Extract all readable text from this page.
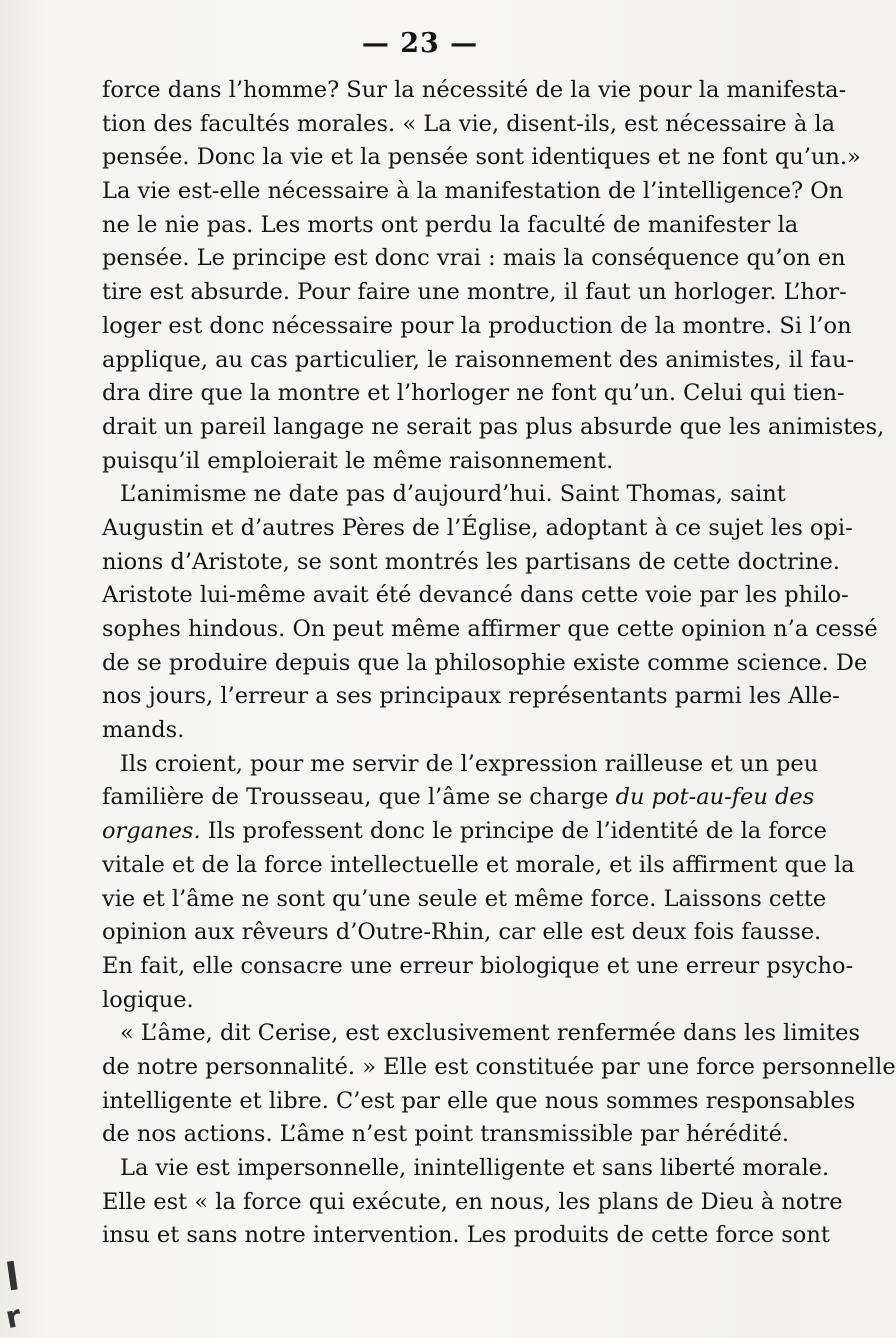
— 23 —
force dans l’homme? Sur la nécessité de la vie pour la manifesta-
tion des facultés morales. « La vie, disent-ils, est nécessaire à la
pensée. Donc la vie et la pensée sont identiques et ne font qu’un.»
La vie est-elle nécessaire à la manifestation de l’intelligence? On
ne le nie pas. Les morts ont perdu la faculté de manifester la
pensée. Le principe est donc vrai : mais la conséquence qu’on en
tire est absurde. Pour faire une montre, il faut un horloger. L’hor-
loger est donc nécessaire pour la production de la montre. Si l’on
applique, au cas particulier, le raisonnement des animistes, il fau-
dra dire que la montre et l’horloger ne font qu’un. Celui qui tien-
drait un pareil langage ne serait pas plus absurde que les animistes,
puisqu’il emploierait le même raisonnement.
L’animisme ne date pas d’aujourd’hui. Saint Thomas, saint
Augustin et d’autres Pères de l’Église, adoptant à ce sujet les opi-
nions d’Aristote, se sont montrés les partisans de cette doctrine.
Aristote lui-même avait été devancé dans cette voie par les philo-
sophes hindous. On peut même affirmer que cette opinion n’a cessé
de se produire depuis que la philosophie existe comme science. De
nos jours, l’erreur a ses principaux représentants parmi les Alle-
mands.
Ils croient, pour me servir de l’expression railleuse et un peu
familière de Trousseau, que l’âme se charge du pot-au-feu des
organes. Ils professent donc le principe de l’identité de la force
vitale et de la force intellectuelle et morale, et ils affirment que la
vie et l’âme ne sont qu’une seule et même force. Laissons cette
opinion aux rêveurs d’Outre-Rhin, car elle est deux fois fausse.
En fait, elle consacre une erreur biologique et une erreur psycho-
logique.
« L’âme, dit Cerise, est exclusivement renfermée dans les limites
de notre personnalité. » Elle est constituée par une force personnelle
intelligente et libre. C’est par elle que nous sommes responsables
de nos actions. L’âme n’est point transmissible par hérédité.
La vie est impersonnelle, inintelligente et sans liberté morale.
Elle est « la force qui exécute, en nous, les plans de Dieu à notre
insu et sans notre intervention. Les produits de cette force sont
l
r
